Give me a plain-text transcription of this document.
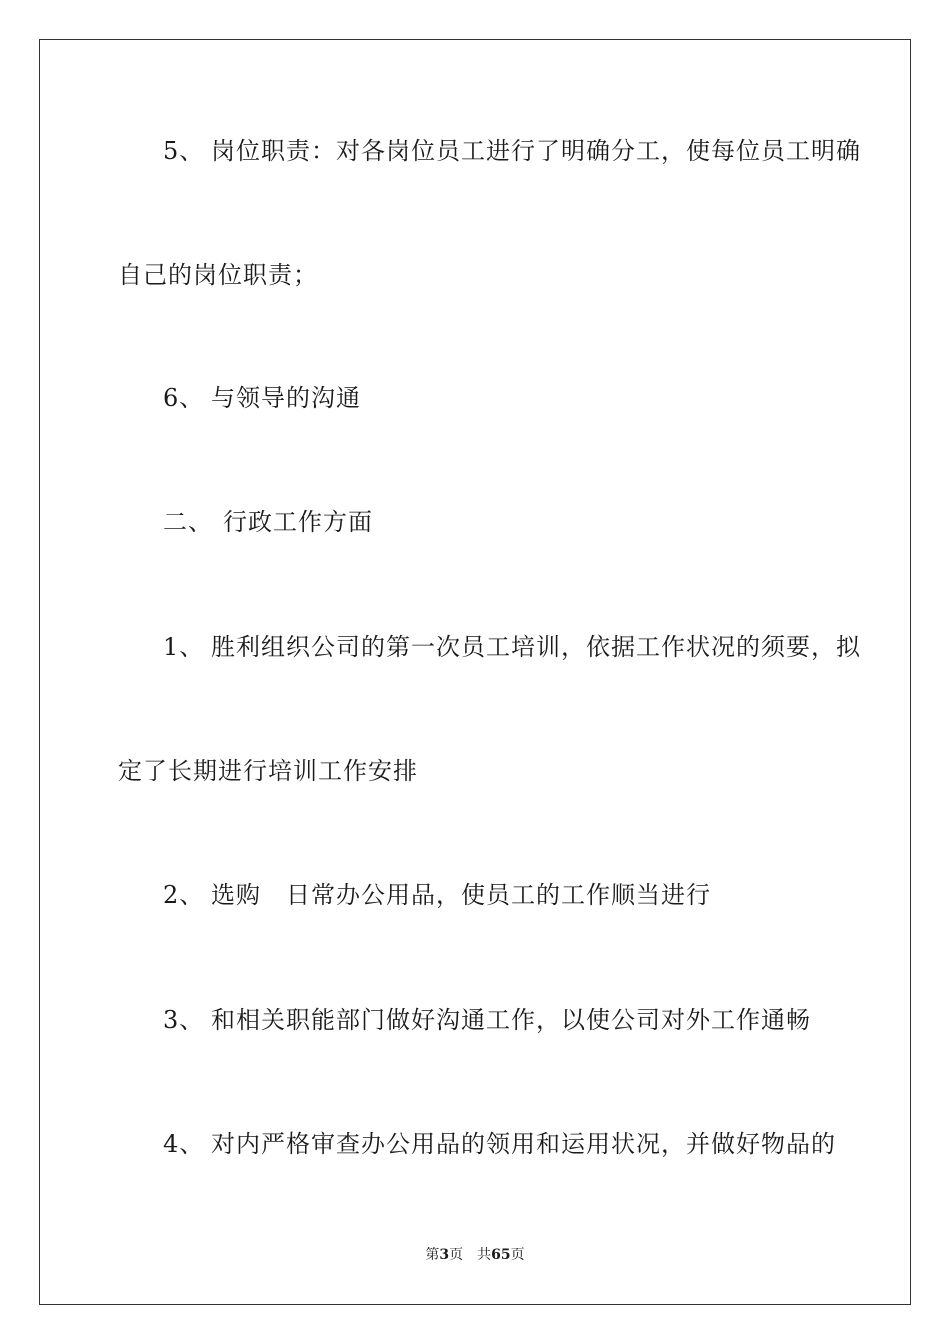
5、 岗位职责：对各岗位员工进行了明确分工，使每位员工明确
自己的岗位职责；
6、 与领导的沟通
二、 行政工作方面
1、 胜利组织公司的第一次员工培训，依据工作状况的须要，拟
定了长期进行培训工作安排
2、 选购　日常办公用品，使员工的工作顺当进行
3、 和相关职能部门做好沟通工作，以使公司对外工作通畅
4、 对内严格审查办公用品的领用和运用状况，并做好物品的
第3页　共65页
